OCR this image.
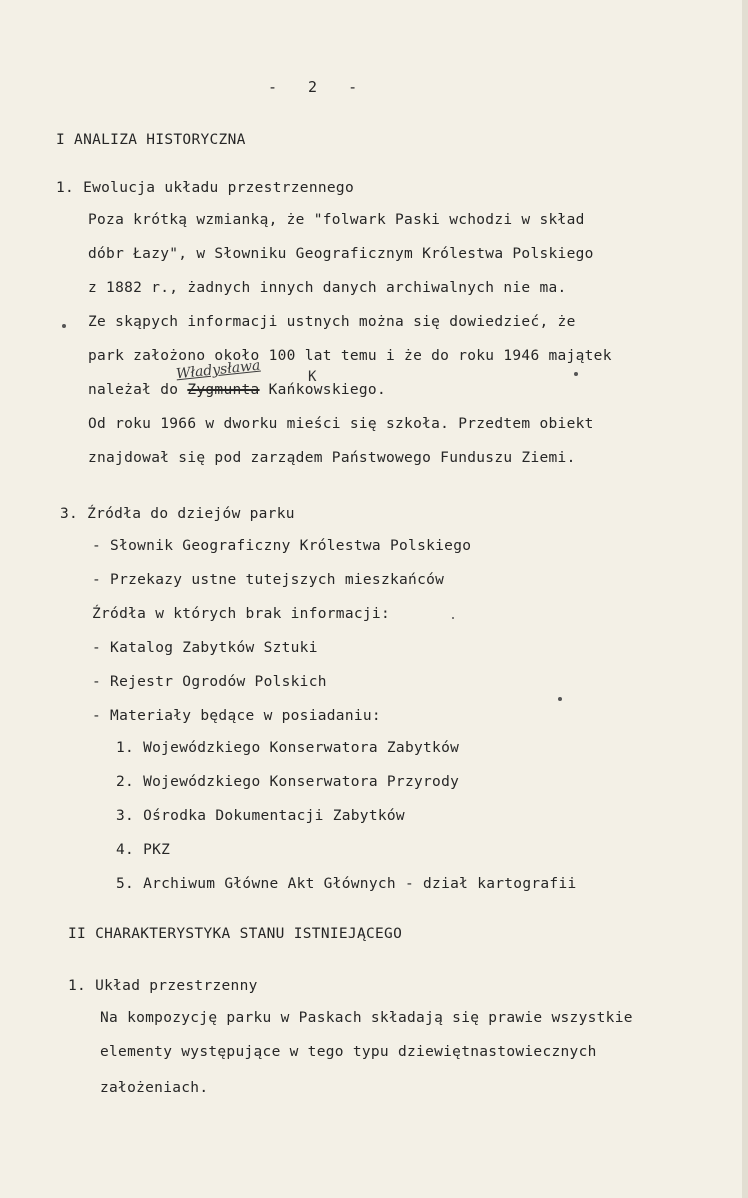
- 2 -
I ANALIZA HISTORYCZNA
1. Ewolucja układu przestrzennego
Poza krótką wzmianką, że "folwark Paski wchodzi w skład
dóbr Łazy", w Słowniku Geograficznym Królestwa Polskiego
z 1882 r., żadnych innych danych archiwalnych nie ma.
Ze skąpych informacji ustnych można się dowiedzieć, że
park założono około 100 lat temu i że do roku 1946 majątek
Od roku 1966 w dworku mieści się szkoła. Przedtem obiekt
znajdował się pod zarządem Państwowego Funduszu Ziemi.
3. Źródła do dziejów parku
- Słownik Geograficzny Królestwa Polskiego
- Przekazy ustne tutejszych mieszkańców
Źródła w których brak informacji:
- Katalog Zabytków Sztuki
- Rejestr Ogrodów Polskich
- Materiały będące w posiadaniu:
1. Wojewódzkiego Konserwatora Zabytków
2. Wojewódzkiego Konserwatora Przyrody
3. Ośrodka Dokumentacji Zabytków
4. PKZ
5. Archiwum Główne Akt Głównych - dział kartografii
II CHARAKTERYSTYKA STANU ISTNIEJĄCEGO
1. Układ przestrzenny
Na kompozycję parku w Paskach składają się prawie wszystkie
elementy występujące w tego typu dziewiętnastowiecznych
założeniach.
należał do Zygmunta Kańkowskiego.
Władysława	K
